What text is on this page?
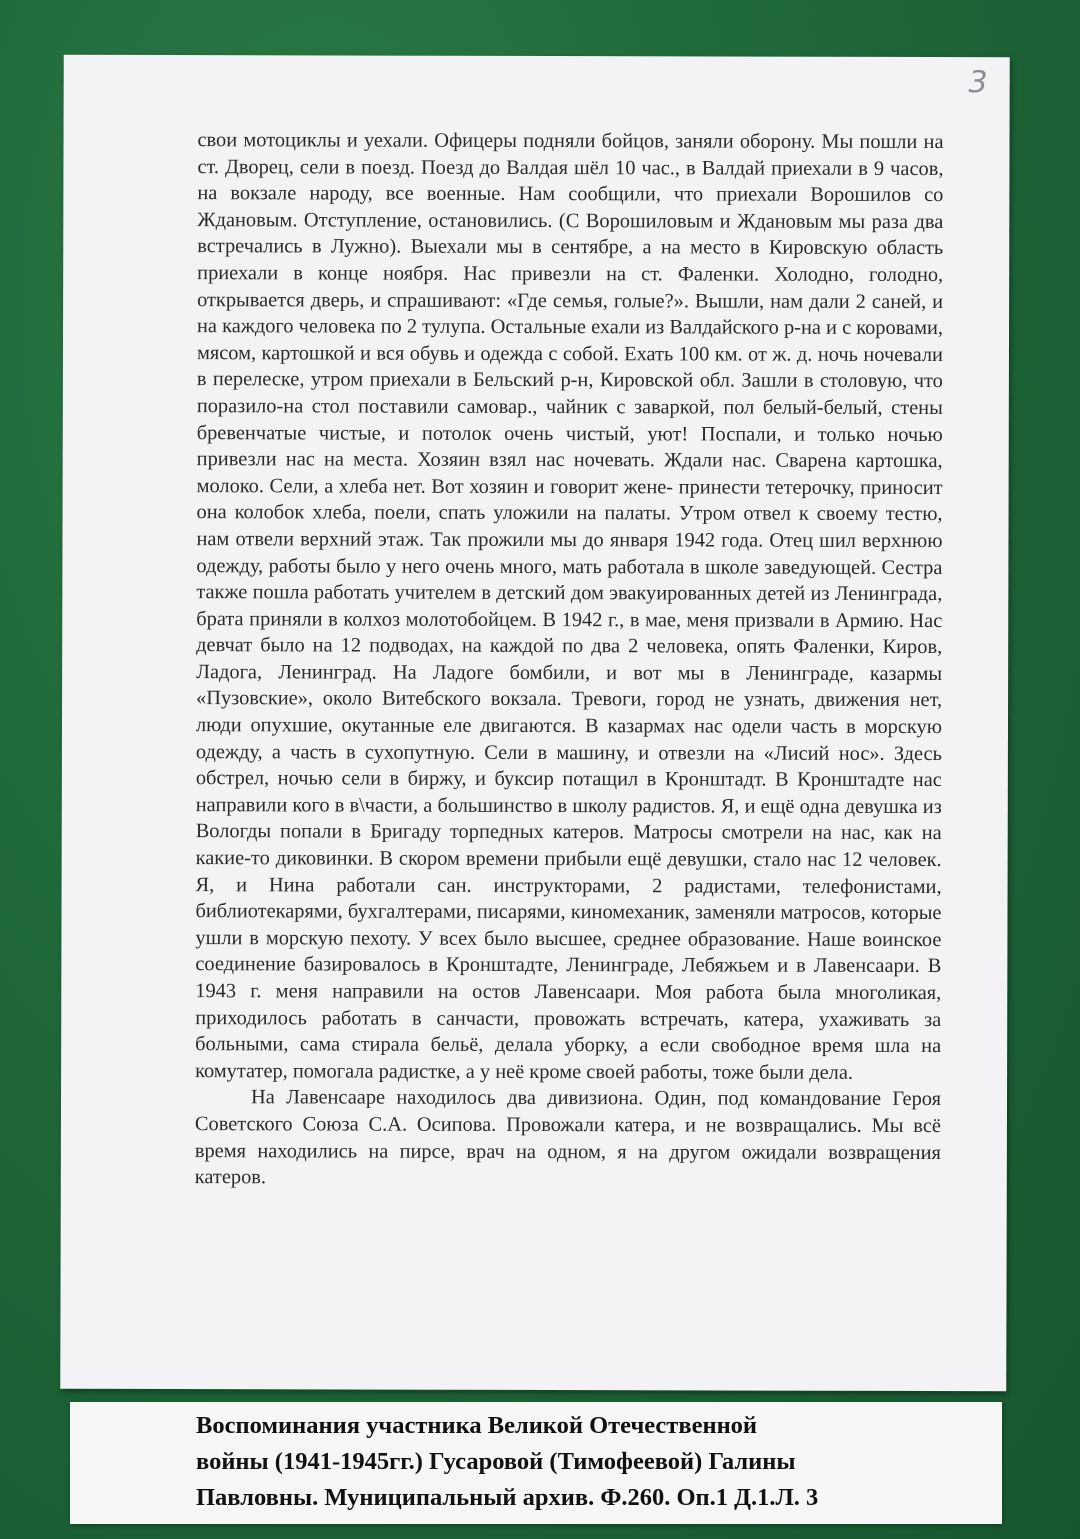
3

свои мотоциклы и уехали. Офицеры подняли бойцов, заняли оборону. Мы пошли на ст. Дворец, сели в поезд. Поезд до Валдая шёл 10 час., в Валдай приехали в 9 часов, на вокзале народу, все военные. Нам сообщили, что приехали Ворошилов со Ждановым. Отступление, остановились. (С Ворошиловым и Ждановым мы раза два встречались в Лужно). Выехали мы в сентябре, а на место в Кировскую область приехали в конце ноября. Нас привезли на ст. Фаленки. Холодно, голодно, открывается дверь, и спрашивают: «Где семья, голые?». Вышли, нам дали 2 саней, и на каждого человека по 2 тулупа. Остальные ехали из Валдайского р-на и с коровами, мясом, картошкой и вся обувь и одежда с собой. Ехать 100 км. от ж. д. ночь ночевали в перелеске, утром приехали в Бельский р-н, Кировской обл. Зашли в столовую, что поразило-на стол поставили самовар., чайник с заваркой, пол белый-белый, стены бревенчатые чистые, и потолок очень чистый, уют! Поспали, и только ночью привезли нас на места. Хозяин взял нас ночевать. Ждали нас. Сварена картошка, молоко. Сели, а хлеба нет. Вот хозяин и говорит жене- принести тетерочку, приносит она колобок хлеба, поели, спать уложили на палаты. Утром отвел к своему тестю, нам отвели верхний этаж. Так прожили мы до января 1942 года. Отец шил верхнюю одежду, работы было у него очень много, мать работала в школе заведующей. Сестра также пошла работать учителем в детский дом эвакуированных детей из Ленинграда, брата приняли в колхоз молотобойцем. В 1942 г., в мае, меня призвали в Армию. Нас девчат было на 12 подводах, на каждой по два 2 человека, опять Фаленки, Киров, Ладога, Ленинград. На Ладоге бомбили, и вот мы в Ленинграде, казармы «Пузовские», около Витебского вокзала. Тревоги, город не узнать, движения нет, люди опухшие, окутанные еле двигаются. В казармах нас одели часть в морскую одежду, а часть в сухопутную. Сели в машину, и отвезли на «Лисий нос». Здесь обстрел, ночью сели в биржу, и буксир потащил в Кронштадт. В Кронштадте нас направили кого в в\части, а большинство в школу радистов. Я, и ещё одна девушка из Вологды попали в Бригаду торпедных катеров. Матросы смотрели на нас, как на какие-то диковинки. В скором времени прибыли ещё девушки, стало нас 12 человек. Я, и Нина работали сан. инструкторами, 2 радистами, телефонистами, библиотекарями, бухгалтерами, писарями, киномеханик, заменяли матросов, которые ушли в морскую пехоту. У всех было высшее, среднее образование. Наше воинское соединение базировалось в Кронштадте, Ленинграде, Лебяжьем и в Лавенсаари. В 1943 г. меня направили на остов Лавенсаари. Моя работа была многоликая, приходилось работать в санчасти, провожать встречать, катера, ухаживать за больными, сама стирала бельё, делала уборку, а если свободное время шла на комутатер, помогала радистке, а у неё кроме своей работы, тоже были дела.

На Лавенсааре находилось два дивизиона. Один, под командование Героя Советского Союза С.А. Осипова. Провожали катера, и не возвращались. Мы всё время находились на пирсе, врач на одном, я на другом ожидали возвращения катеров.

Воспоминания участника Великой Отечественной
войны (1941-1945гг.) Гусаровой (Тимофеевой) Галины
Павловны. Муниципальный архив. Ф.260. Оп.1 Д.1.Л. 3
